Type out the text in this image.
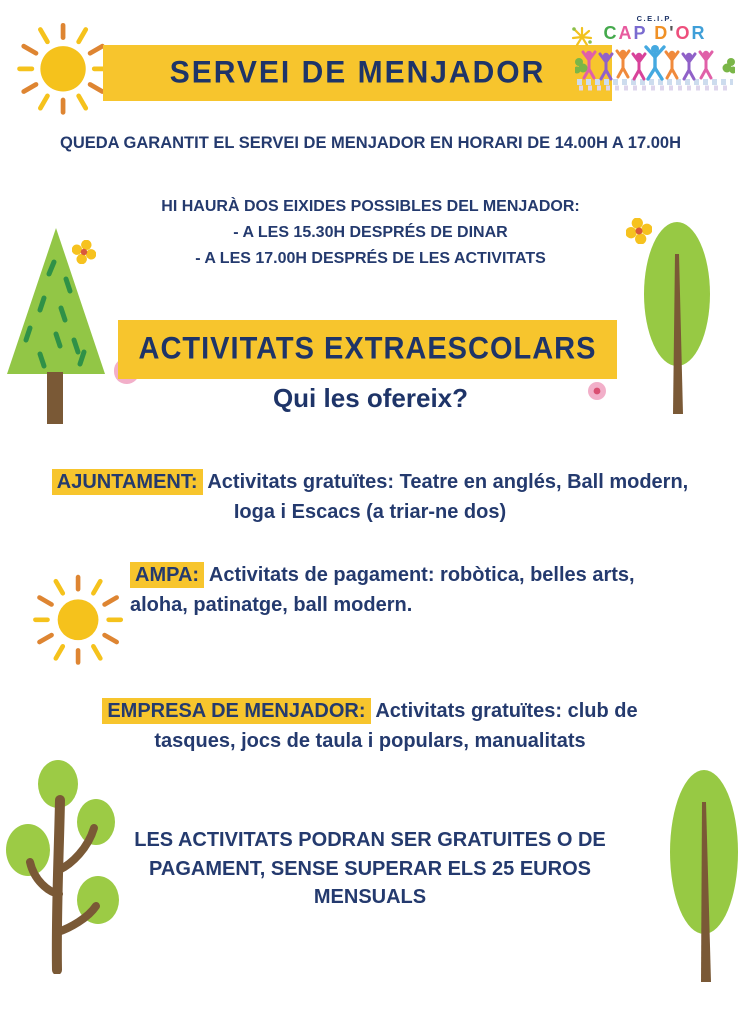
SERVEI DE MENJADOR
C.E.I.P.
CAP D'OR
QUEDA GARANTIT EL SERVEI DE MENJADOR EN HORARI DE 14.00H A 17.00H
HI HAURÀ DOS EIXIDES POSSIBLES DEL MENJADOR:
- A LES 15.30H DESPRÉS DE DINAR
- A LES 17.00H DESPRÉS DE LES ACTIVITATS
ACTIVITATS EXTRAESCOLARS
Qui les ofereix?

AJUNTAMENT: Activitats gratuïtes: Teatre en anglés, Ball modern, Ioga i Escacs (a triar-ne dos)

AMPA: Activitats de pagament: robòtica, belles arts, aloha, patinatge, ball modern.

EMPRESA DE MENJADOR: Activitats gratuïtes: club de tasques, jocs de taula i populars, manualitats

LES ACTIVITATS PODRAN SER GRATUITES O DE PAGAMENT, SENSE SUPERAR ELS 25 EUROS MENSUALS
